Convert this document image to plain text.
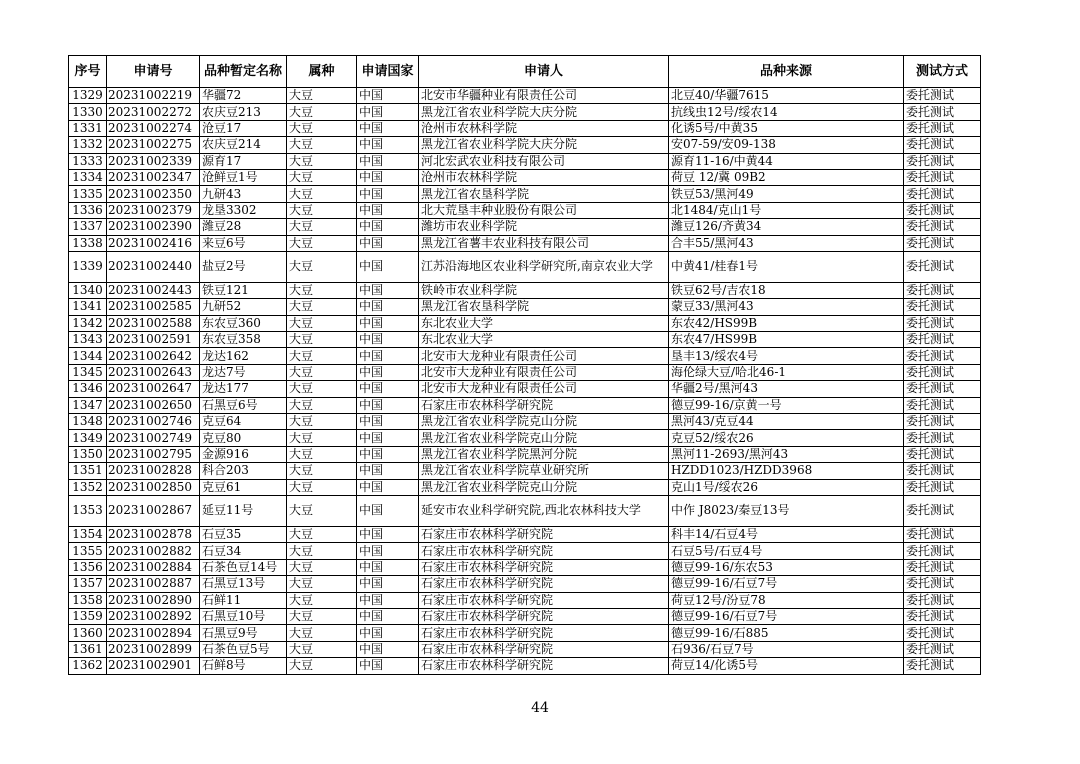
序号	申请号	品种暂定名称	属种	申请国家	申请人	品种来源	测试方式
1329	20231002219	华疆72	大豆	中国	北安市华疆种业有限责任公司	北豆40/华疆7615	委托测试
1330	20231002272	农庆豆213	大豆	中国	黑龙江省农业科学院大庆分院	抗线虫12号/绥农14	委托测试
1331	20231002274	沧豆17	大豆	中国	沧州市农林科学院	化诱5号/中黄35	委托测试
1332	20231002275	农庆豆214	大豆	中国	黑龙江省农业科学院大庆分院	安07-59/安09-138	委托测试
1333	20231002339	源育17	大豆	中国	河北宏武农业科技有限公司	源育11-16/中黄44	委托测试
1334	20231002347	沧鲜豆1号	大豆	中国	沧州市农林科学院	荷豆 12/冀 09B2	委托测试
1335	20231002350	九研43	大豆	中国	黑龙江省农垦科学院	铁豆53/黑河49	委托测试
1336	20231002379	龙垦3302	大豆	中国	北大荒垦丰种业股份有限公司	北1484/克山1号	委托测试
1337	20231002390	潍豆28	大豆	中国	潍坊市农业科学院	潍豆126/齐黄34	委托测试
1338	20231002416	来豆6号	大豆	中国	黑龙江省薯丰农业科技有限公司	合丰55/黑河43	委托测试
1339	20231002440	盐豆2号	大豆	中国	江苏沿海地区农业科学研究所,南京农业大学	中黄41/桂春1号	委托测试
1340	20231002443	铁豆121	大豆	中国	铁岭市农业科学院	铁豆62号/吉农18	委托测试
1341	20231002585	九研52	大豆	中国	黑龙江省农垦科学院	蒙豆33/黑河43	委托测试
1342	20231002588	东农豆360	大豆	中国	东北农业大学	东农42/HS99B	委托测试
1343	20231002591	东农豆358	大豆	中国	东北农业大学	东农47/HS99B	委托测试
1344	20231002642	龙达162	大豆	中国	北安市大龙种业有限责任公司	垦丰13/绥农4号	委托测试
1345	20231002643	龙达7号	大豆	中国	北安市大龙种业有限责任公司	海伦绿大豆/哈北46-1	委托测试
1346	20231002647	龙达177	大豆	中国	北安市大龙种业有限责任公司	华疆2号/黑河43	委托测试
1347	20231002650	石黑豆6号	大豆	中国	石家庄市农林科学研究院	德豆99-16/京黄一号	委托测试
1348	20231002746	克豆64	大豆	中国	黑龙江省农业科学院克山分院	黑河43/克豆44	委托测试
1349	20231002749	克豆80	大豆	中国	黑龙江省农业科学院克山分院	克豆52/绥农26	委托测试
1350	20231002795	金源916	大豆	中国	黑龙江省农业科学院黑河分院	黑河11-2693/黑河43	委托测试
1351	20231002828	科合203	大豆	中国	黑龙江省农业科学院草业研究所	HZDD1023/HZDD3968	委托测试
1352	20231002850	克豆61	大豆	中国	黑龙江省农业科学院克山分院	克山1号/绥农26	委托测试
1353	20231002867	延豆11号	大豆	中国	延安市农业科学研究院,西北农林科技大学	中作 J8023/秦豆13号	委托测试
1354	20231002878	石豆35	大豆	中国	石家庄市农林科学研究院	科丰14/石豆4号	委托测试
1355	20231002882	石豆34	大豆	中国	石家庄市农林科学研究院	石豆5号/石豆4号	委托测试
1356	20231002884	石茶色豆14号	大豆	中国	石家庄市农林科学研究院	德豆99-16/东农53	委托测试
1357	20231002887	石黑豆13号	大豆	中国	石家庄市农林科学研究院	德豆99-16/石豆7号	委托测试
1358	20231002890	石鲜11	大豆	中国	石家庄市农林科学研究院	荷豆12号/汾豆78	委托测试
1359	20231002892	石黑豆10号	大豆	中国	石家庄市农林科学研究院	德豆99-16/石豆7号	委托测试
1360	20231002894	石黑豆9号	大豆	中国	石家庄市农林科学研究院	德豆99-16/石885	委托测试
1361	20231002899	石茶色豆5号	大豆	中国	石家庄市农林科学研究院	石936/石豆7号	委托测试
1362	20231002901	石鲜8号	大豆	中国	石家庄市农林科学研究院	荷豆14/化诱5号	委托测试
44
